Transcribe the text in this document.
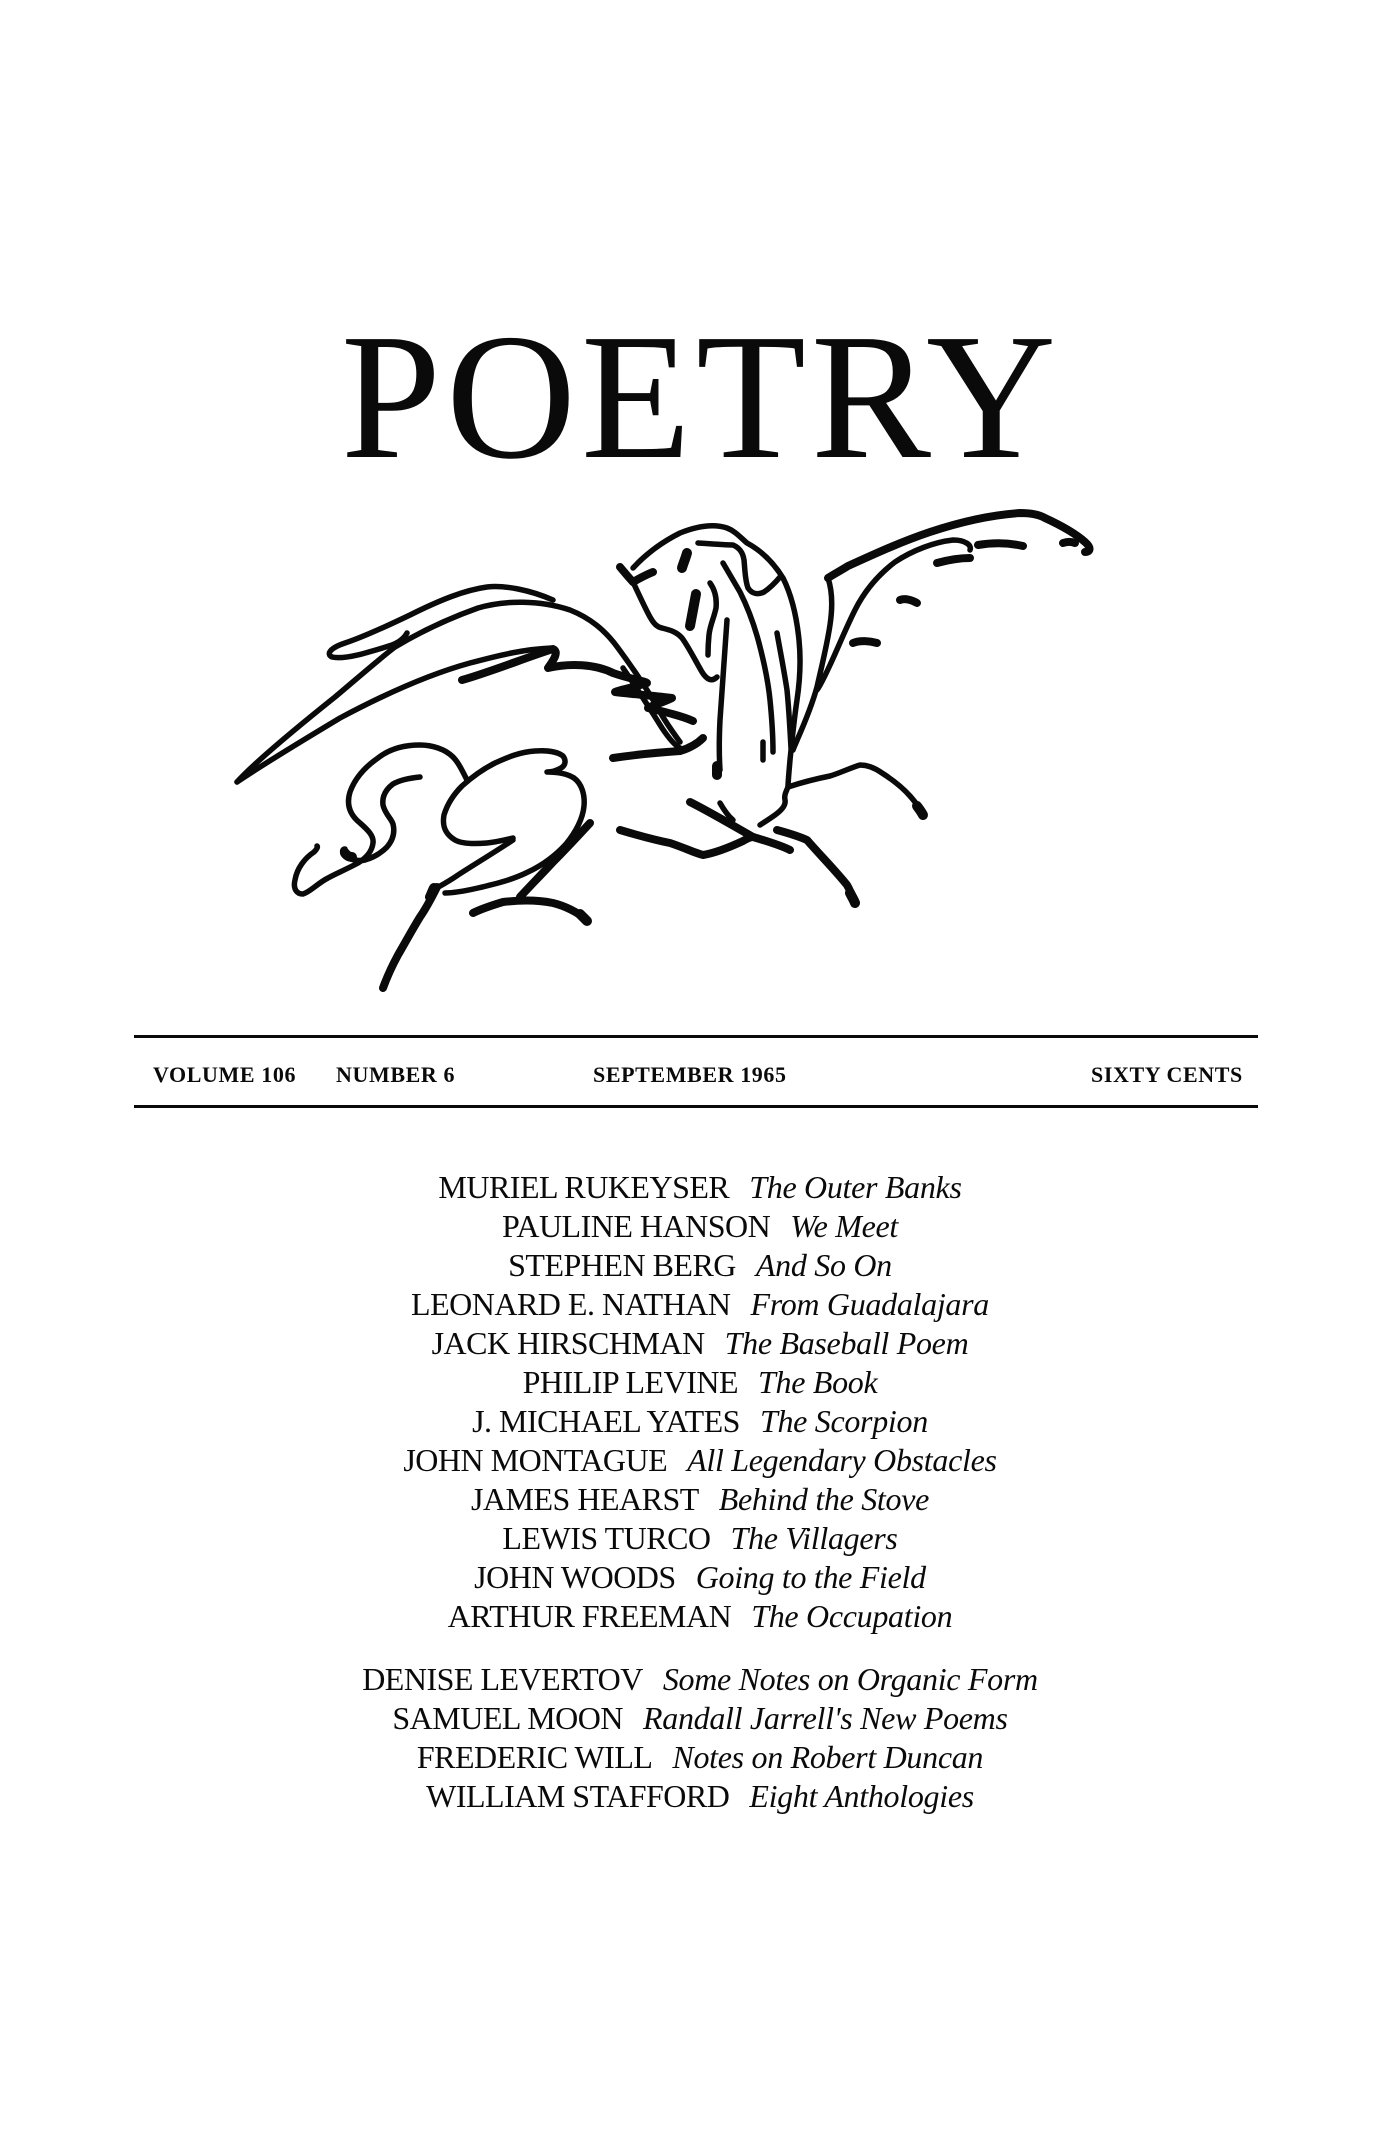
POETRY
VOLUME 106 NUMBER 6	SEPTEMBER 1965	SIXTY CENTS
MURIEL RUKEYSER The Outer Banks
PAULINE HANSON We Meet
STEPHEN BERG And So On
LEONARD E. NATHAN From Guadalajara
JACK HIRSCHMAN The Baseball Poem
PHILIP LEVINE The Book
J. MICHAEL YATES The Scorpion
JOHN MONTAGUE All Legendary Obstacles
JAMES HEARST Behind the Stove
LEWIS TURCO The Villagers
JOHN WOODS Going to the Field
ARTHUR FREEMAN The Occupation
DENISE LEVERTOV Some Notes on Organic Form
SAMUEL MOON Randall Jarrell's New Poems
FREDERIC WILL Notes on Robert Duncan
WILLIAM STAFFORD Eight Anthologies
